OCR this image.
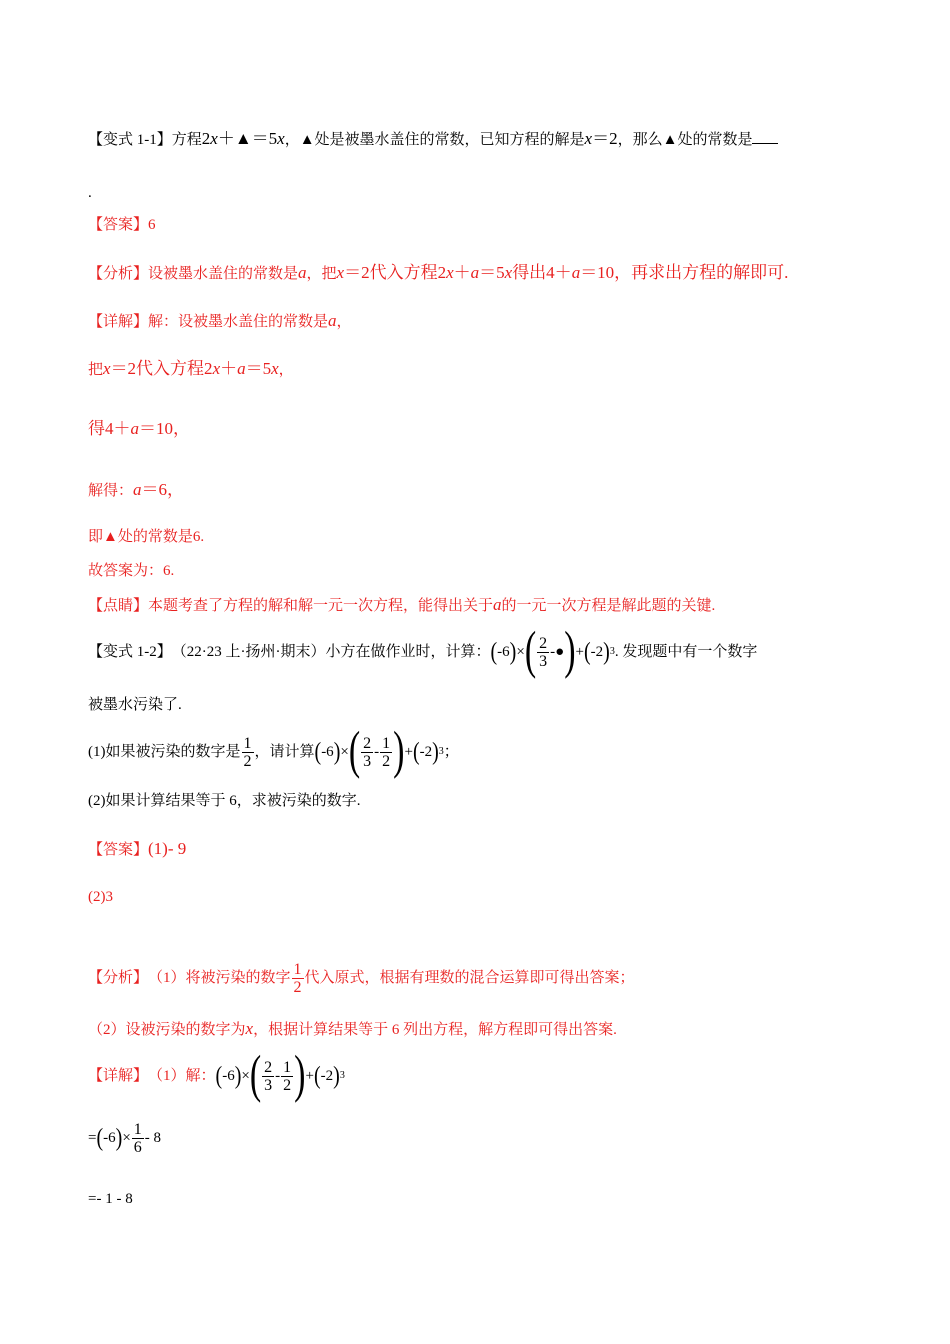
【变式 1-1】方程2x＋▲＝5x，▲处是被墨水盖住的常数，已知方程的解是x＝2，那么▲处的常数是
.
【答案】6
【分析】设被墨水盖住的常数是a，把x＝2代入方程2x＋a＝5x得出4＋a＝10，再求出方程的解即可.
【详解】解：设被墨水盖住的常数是a，
把x＝2代入方程2x＋a＝5x，
得4＋a＝10，
解得：a＝6，
即▲处的常数是6.
故答案为：6.
【点睛】本题考查了方程的解和解一元一次方程，能得出关于a的一元一次方程是解此题的关键.
【变式 1-2】 （22·23 上·扬州·期末）小方在做作业时，计算： ( -6 ) × ( $\frac{2}{3}$ -● ) + ( -2 ) 3 . 发现题中有一个数字
被墨水污染了.
(1)如果被污染的数字是 $\frac{1}{2}$ ，请计算 ( -6 ) × ( $\frac{2}{3} - \frac{1}{2}$ ) + ( -2 ) 3 ；
(2)如果计算结果等于 6，求被污染的数字.
【答案】(1)- 9
(2)3
【分析】 （1）将被污染的数字 $\frac{1}{2}$ 代入原式，根据有理数的混合运算即可得出答案；
（2）设被污染的数字为x，根据计算结果等于 6 列出方程，解方程即可得出答案.
【详解】 （1）解： ( -6 ) × ( $\frac{2}{3} - \frac{1}{2}$ ) + ( -2 ) 3
= ( -6 ) × $\frac{1}{6} - 8$
=- 1 - 8
